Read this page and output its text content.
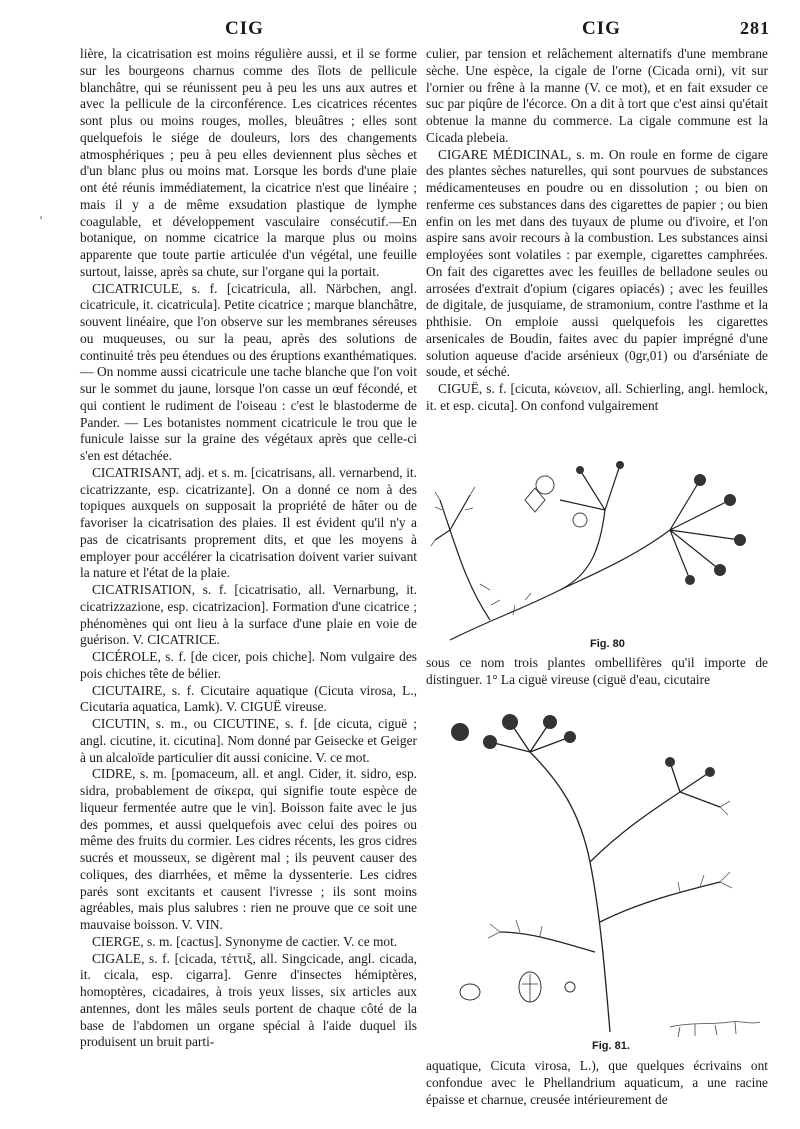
CIG	CIG	281
'

lière, la cicatrisation est moins régulière aussi, et il se forme sur les bourgeons charnus comme des îlots de pellicule blanchâtre, qui se réunissent peu à peu les uns aux autres et avec la pellicule de la circonférence. Les cicatrices récentes sont plus ou moins rouges, molles, bleuâtres ; elles sont quelquefois le siége de douleurs, lors des changements atmosphériques ; peu à peu elles deviennent plus sèches et d'un blanc plus ou moins mat. Lorsque les bords d'une plaie ont été réunis immédiatement, la cicatrice n'est que linéaire ; mais il y a de même exsudation plastique de lymphe coagulable, et développement vasculaire consécutif.—En botanique, on nomme cicatrice la marque plus ou moins apparente que toute partie articulée d'un végétal, une feuille surtout, laisse, après sa chute, sur l'organe qui la portait.

CICATRICULE, s. f. [cicatricula, all. Närbchen, angl. cicatricule, it. cicatricula]. Petite cicatrice ; marque blanchâtre, souvent linéaire, que l'on observe sur les membranes séreuses ou muqueuses, ou sur la peau, après des solutions de continuité très peu étendues ou des éruptions exanthématiques. — On nomme aussi cicatricule une tache blanche que l'on voit sur le sommet du jaune, lorsque l'on casse un œuf fécondé, et qui contient le rudiment de l'oiseau : c'est le blastoderme de Pander. — Les botanistes nomment cicatricule le trou que le funicule laisse sur la graine des végétaux après que celle-ci s'en est détachée.

CICATRISANT, adj. et s. m. [cicatrisans, all. vernarbend, it. cicatrizzante, esp. cicatrizante]. On a donné ce nom à des topiques auxquels on supposait la propriété de hâter ou de favoriser la cicatrisation des plaies. Il est évident qu'il n'y a pas de cicatrisants proprement dits, et que les moyens à employer pour accélérer la cicatrisation doivent varier suivant la nature et l'état de la plaie.

CICATRISATION, s. f. [cicatrisatio, all. Vernarbung, it. cicatrizzazione, esp. cicatrizacion]. Formation d'une cicatrice ; phénomènes qui ont lieu à la surface d'une plaie en voie de guérison. V. CICATRICE.

CICÉROLE, s. f. [de cicer, pois chiche]. Nom vulgaire des pois chiches tête de bélier.

CICUTAIRE, s. f. Cicutaire aquatique (Cicuta virosa, L., Cicutaria aquatica, Lamk). V. CIGUË vireuse.

CICUTIN, s. m., ou CICUTINE, s. f. [de cicuta, ciguë ; angl. cicutine, it. cicutina]. Nom donné par Geisecke et Geiger à un alcaloïde particulier dit aussi conicine. V. ce mot.

CIDRE, s. m. [pomaceum, all. et angl. Cider, it. sidro, esp. sidra, probablement de σίκερα, qui signifie toute espèce de liqueur fermentée autre que le vin]. Boisson faite avec le jus des pommes, et aussi quelquefois avec celui des poires ou même des fruits du cormier. Les cidres récents, les gros cidres sucrés et mousseux, se digèrent mal ; ils peuvent causer des coliques, des diarrhées, et même la dyssenterie. Les cidres parés sont excitants et causent l'ivresse ; ils sont moins agréables, mais plus salubres : rien ne prouve que ce soit une mauvaise boisson. V. VIN.

CIERGE, s. m. [cactus]. Synonyme de cactier. V. ce mot.

CIGALE, s. f. [cicada, τέττιξ, all. Singcicade, angl. cicada, it. cicala, esp. cigarra]. Genre d'insectes hémiptères, homoptères, cicadaires, à trois yeux lisses, six articles aux antennes, dont les mâles seuls portent de chaque côté de la base de l'abdomen un organe spécial à l'aide duquel ils produisent un bruit parti-

culier, par tension et relâchement alternatifs d'une membrane sèche. Une espèce, la cigale de l'orne (Cicada orni), vit sur l'ornier ou frêne à la manne (V. ce mot), et en fait exsuder ce suc par piqûre de l'écorce. On a dit à tort que c'est ainsi qu'était obtenue la manne du commerce. La cigale commune est la Cicada plebeia.

CIGARE MÉDICINAL, s. m. On roule en forme de cigare des plantes sèches naturelles, qui sont pourvues de substances médicamenteuses en poudre ou en dissolution ; ou bien on renferme ces substances dans des cigarettes de papier ; ou bien enfin on les met dans des tuyaux de plume ou d'ivoire, et l'on aspire sans avoir recours à la combustion. Les substances ainsi employées sont volatiles : par exemple, cigarettes camphrées. On fait des cigarettes avec les feuilles de belladone seules ou arrosées d'extrait d'opium (cigares opiacés) ; avec les feuilles de digitale, de jusquiame, de stramonium, contre l'asthme et la phthisie. On emploie aussi quelquefois les cigarettes arsenicales de Boudin, faites avec du papier imprégné d'une solution aqueuse d'acide arsénieux (0gr,01) ou d'arséniate de soude, et séché.

CIGUË, s. f. [cicuta, κώνειον, all. Schierling, angl. hemlock, it. et esp. cicuta]. On confond vulgairement

Fig. 80

sous ce nom trois plantes ombellifères qu'il importe de distinguer. 1° La ciguë vireuse (ciguë d'eau, cicutaire

Fig. 81.

aquatique, Cicuta virosa, L.), que quelques écrivains ont confondue avec le Phellandrium aquaticum, a une racine épaisse et charnue, creusée intérieurement de
